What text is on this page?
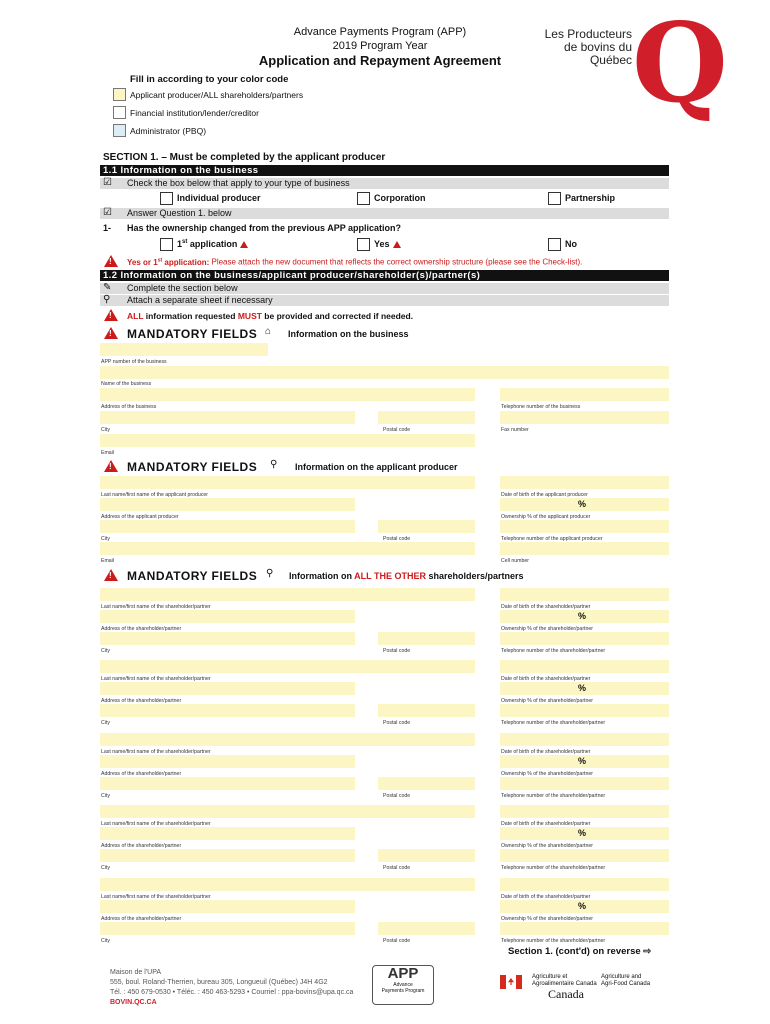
Advance Payments Program (APP)
2019 Program Year
Application and Repayment Agreement
Les Producteurs
de bovins du
Québec Q
Fill in according to your color code
Applicant producer/ALL shareholders/partners
Financial institution/lender/creditor
Administrator (PBQ)
SECTION 1. – Must be completed by the applicant producer
1.1 Information on the business
☑ Check the box below that apply to your type of business
Individual producer	Corporation	Partnership
☑ Answer Question 1. below
1- Has the ownership changed from the previous APP application?
1st application	Yes	No
!
Yes or 1st application: Please attach the new document that reflects the correct ownership structure (please see the Check-list).
1.2 Information on the business/applicant producer/shareholder(s)/partner(s)
✎ Complete the section below
⚲ Attach a separate sheet if necessary
!
ALL information requested MUST be provided and corrected if needed.
!
MANDATORY FIELDS ⌂ Information on the business
APP number of the business
Name of the business
Address of the business	Telephone number of the business
City	Postal code	Fax number
Email
!
MANDATORY FIELDS ⚲ Information on the applicant producer
Last name/first name of the applicant producer	Date of birth of the applicant producer
%
Address of the applicant producer	Ownership % of the applicant producer
City	Postal code	Telephone number of the applicant producer
Email	Cell number
!
MANDATORY FIELDS ⚲ Information on ALL THE OTHER shareholders/partners
Last name/first name of the shareholder/partner	Date of birth of the shareholder/partner
%
Address of the shareholder/partner	Ownership % of the shareholder/partner
City	Postal code	Telephone number of the shareholder/partner
Last name/first name of the shareholder/partner	Date of birth of the shareholder/partner
%
Address of the shareholder/partner	Ownership % of the shareholder/partner
City	Postal code	Telephone number of the shareholder/partner
Last name/first name of the shareholder/partner	Date of birth of the shareholder/partner
%
Address of the shareholder/partner	Ownership % of the shareholder/partner
City	Postal code	Telephone number of the shareholder/partner
Last name/first name of the shareholder/partner	Date of birth of the shareholder/partner
%
Address of the shareholder/partner	Ownership % of the shareholder/partner
City	Postal code	Telephone number of the shareholder/partner
Last name/first name of the shareholder/partner	Date of birth of the shareholder/partner
%
Address of the shareholder/partner	Ownership % of the shareholder/partner
City	Postal code	Telephone number of the shareholder/partner
Section 1. (cont'd) on reverse ⇨
Maison de l'UPA
555, boul. Roland-Therrien, bureau 305, Longueuil (Québec) J4H 4G2
Tél. : 450 679-0530 • Téléc. : 450 463-5293 • Courriel : ppa-bovins@upa.qc.ca
BOVIN.QC.CA
APP
Advance
Payments Program
Agriculture et
Agroalimentaire Canada
Agriculture and
Agri-Food Canada
Canada
